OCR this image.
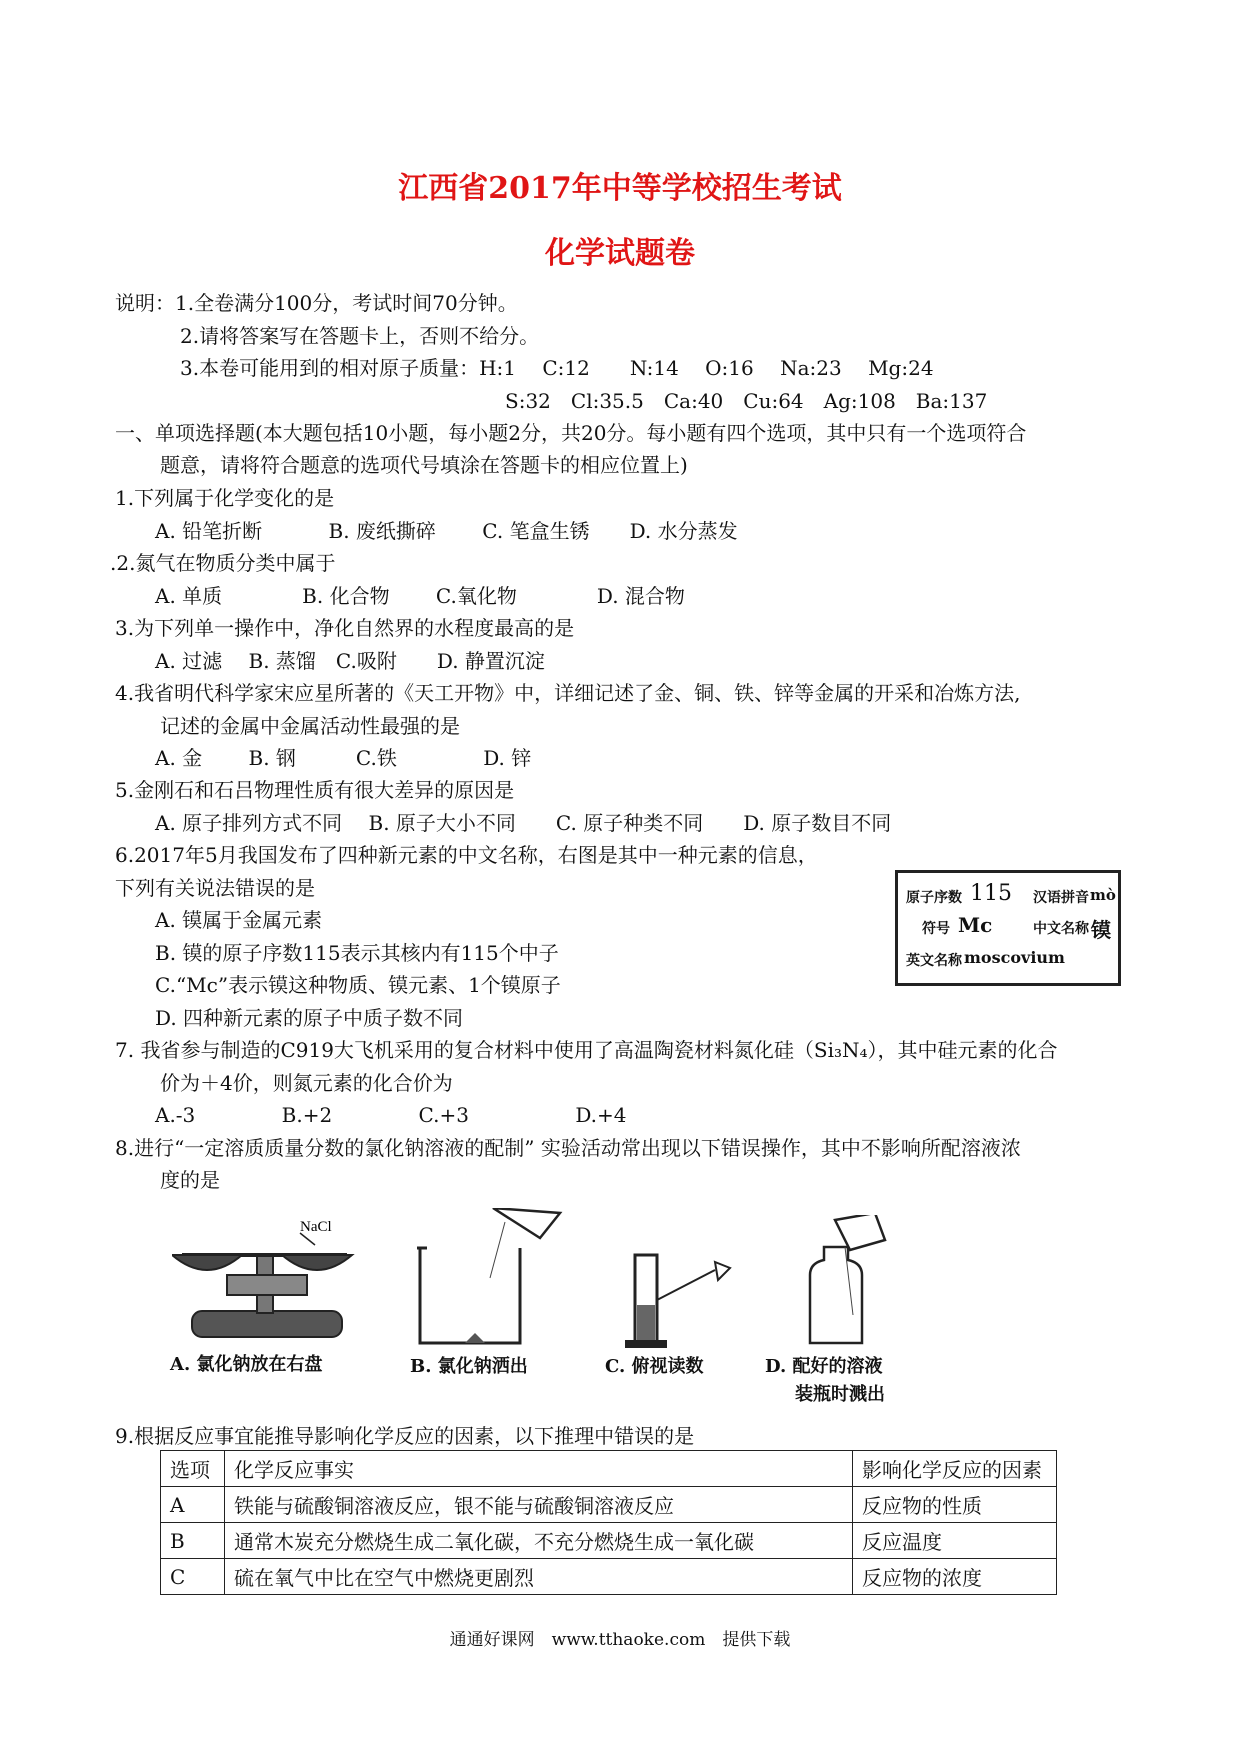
江西省2017年中等学校招生考试
化学试题卷
说明：1.全卷满分100分，考试时间70分钟。
2.请将答案写在答题卡上，否则不给分。
3.本卷可能用到的相对原子质量：H:1　 C:12　　N:14　 O:16　 Na:23　 Mg:24
S:32　Cl:35.5　Ca:40　Cu:64　Ag:108　Ba:137
一、单项选择题(本大题包括10小题，每小题2分，共20分。每小题有四个选项，其中只有一个选项符合
题意，请将符合题意的选项代号填涂在答题卡的相应位置上)
1.下列属于化学变化的是
A. 铅笔折断　　　 B. 废纸撕碎　　 C. 笔盒生锈　　D. 水分蒸发
.2.氮气在物质分类中属于
A. 单质　　　　B. 化合物　　 C.氧化物　　　　D. 混合物
3.为下列单一操作中，净化自然界的水程度最高的是
A. 过滤　 B. 蒸馏　C.吸附　　D. 静置沉淀
4.我省明代科学家宋应星所著的《天工开物》中，详细记述了金、铜、铁、锌等金属的开采和冶炼方法,
记述的金属中金属活动性最强的是
A. 金　　 B. 钢　　　C.铁　　　　 D. 锌
5.金刚石和石吕物理性质有很大差异的原因是
A. 原子排列方式不同　 B. 原子大小不同　　C. 原子种类不同　　D. 原子数目不同
6.2017年5月我国发布了四种新元素的中文名称，右图是其中一种元素的信息，
下列有关说法错误的是
A. 镆属于金属元素
B. 镆的原子序数115表示其核内有115个中子
C.“Mc”表示镆这种物质、镆元素、1个镆原子
D. 四种新元素的原子中质子数不同
原子序数 115 汉语拼音 mò
符号 Mc	中文名称 镆
英文名称 moscovium
7. 我省参与制造的C919大飞机采用的复合材料中使用了高温陶瓷材料氮化硅（Si₃N₄），其中硅元素的化合
价为＋4价，则氮元素的化合价为
A.-3　　　　 B.+2　　　　 C.+3　　　　　 D.+4
8.进行“一定溶质质量分数的氯化钠溶液的配制” 实验活动常出现以下错误操作，其中不影响所配溶液浓
度的是
NaCl
A. 氯化钠放在右盘	B. 氯化钠洒出	C. 俯视读数	D. 配好的溶液
装瓶时溅出
9.根据反应事宜能推导影响化学反应的因素，以下推理中错误的是
选项	化学反应事实	影响化学反应的因素
A	铁能与硫酸铜溶液反应，银不能与硫酸铜溶液反应	反应物的性质
B	通常木炭充分燃烧生成二氧化碳，不充分燃烧生成一氧化碳	反应温度
C	硫在氧气中比在空气中燃烧更剧烈	反应物的浓度
通通好课网　www.tthaoke.com　提供下载
